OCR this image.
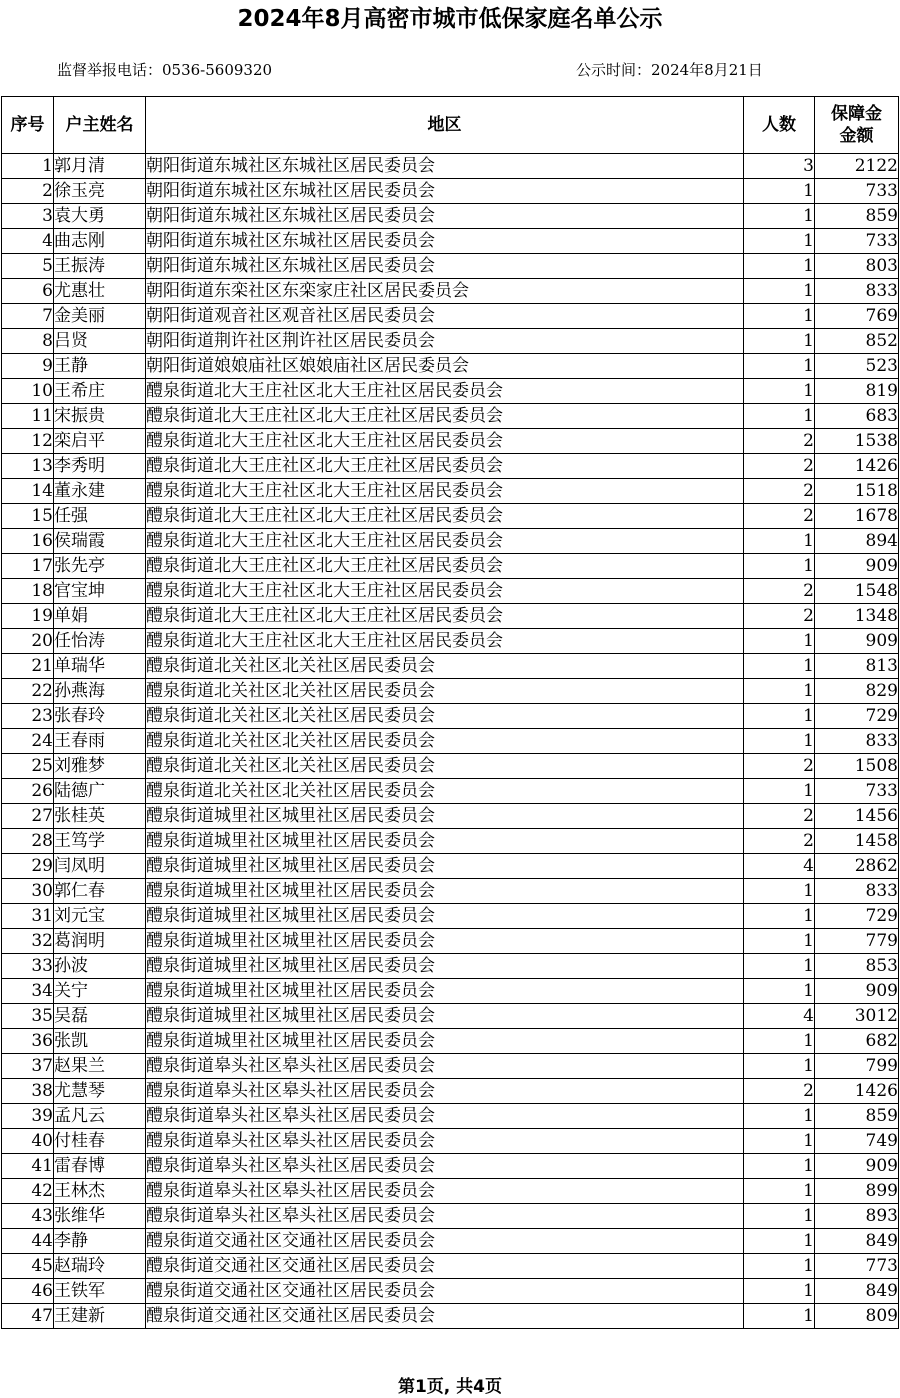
2024年8月高密市城市低保家庭名单公示
监督举报电话：0536-5609320	公示时间：2024年8月21日
序号	户主姓名	地区	人数	保障金
金额

1	郭月清	朝阳街道东城社区东城社区居民委员会	3	2122
2	徐玉亮	朝阳街道东城社区东城社区居民委员会	1	733
3	袁大勇	朝阳街道东城社区东城社区居民委员会	1	859
4	曲志刚	朝阳街道东城社区东城社区居民委员会	1	733
5	王振涛	朝阳街道东城社区东城社区居民委员会	1	803
6	尤惠壮	朝阳街道东栾社区东栾家庄社区居民委员会	1	833
7	金美丽	朝阳街道观音社区观音社区居民委员会	1	769
8	吕贤	朝阳街道荆许社区荆许社区居民委员会	1	852
9	王静	朝阳街道娘娘庙社区娘娘庙社区居民委员会	1	523
10	王希庄	醴泉街道北大王庄社区北大王庄社区居民委员会	1	819
11	宋振贵	醴泉街道北大王庄社区北大王庄社区居民委员会	1	683
12	栾启平	醴泉街道北大王庄社区北大王庄社区居民委员会	2	1538
13	李秀明	醴泉街道北大王庄社区北大王庄社区居民委员会	2	1426
14	董永建	醴泉街道北大王庄社区北大王庄社区居民委员会	2	1518
15	任强	醴泉街道北大王庄社区北大王庄社区居民委员会	2	1678
16	侯瑞霞	醴泉街道北大王庄社区北大王庄社区居民委员会	1	894
17	张先亭	醴泉街道北大王庄社区北大王庄社区居民委员会	1	909
18	官宝坤	醴泉街道北大王庄社区北大王庄社区居民委员会	2	1548
19	单娟	醴泉街道北大王庄社区北大王庄社区居民委员会	2	1348
20	任怡涛	醴泉街道北大王庄社区北大王庄社区居民委员会	1	909
21	单瑞华	醴泉街道北关社区北关社区居民委员会	1	813
22	孙燕海	醴泉街道北关社区北关社区居民委员会	1	829
23	张春玲	醴泉街道北关社区北关社区居民委员会	1	729
24	王春雨	醴泉街道北关社区北关社区居民委员会	1	833
25	刘雅梦	醴泉街道北关社区北关社区居民委员会	2	1508
26	陆德广	醴泉街道北关社区北关社区居民委员会	1	733
27	张桂英	醴泉街道城里社区城里社区居民委员会	2	1456
28	王笃学	醴泉街道城里社区城里社区居民委员会	2	1458
29	闫凤明	醴泉街道城里社区城里社区居民委员会	4	2862
30	郭仁春	醴泉街道城里社区城里社区居民委员会	1	833
31	刘元宝	醴泉街道城里社区城里社区居民委员会	1	729
32	葛润明	醴泉街道城里社区城里社区居民委员会	1	779
33	孙波	醴泉街道城里社区城里社区居民委员会	1	853
34	关宁	醴泉街道城里社区城里社区居民委员会	1	909
35	吴磊	醴泉街道城里社区城里社区居民委员会	4	3012
36	张凯	醴泉街道城里社区城里社区居民委员会	1	682
37	赵果兰	醴泉街道皋头社区皋头社区居民委员会	1	799
38	尤慧琴	醴泉街道皋头社区皋头社区居民委员会	2	1426
39	孟凡云	醴泉街道皋头社区皋头社区居民委员会	1	859
40	付桂春	醴泉街道皋头社区皋头社区居民委员会	1	749
41	雷春博	醴泉街道皋头社区皋头社区居民委员会	1	909
42	王林杰	醴泉街道皋头社区皋头社区居民委员会	1	899
43	张维华	醴泉街道皋头社区皋头社区居民委员会	1	893
44	李静	醴泉街道交通社区交通社区居民委员会	1	849
45	赵瑞玲	醴泉街道交通社区交通社区居民委员会	1	773
46	王铁军	醴泉街道交通社区交通社区居民委员会	1	849
47	王建新	醴泉街道交通社区交通社区居民委员会	1	809
第1页, 共4页
